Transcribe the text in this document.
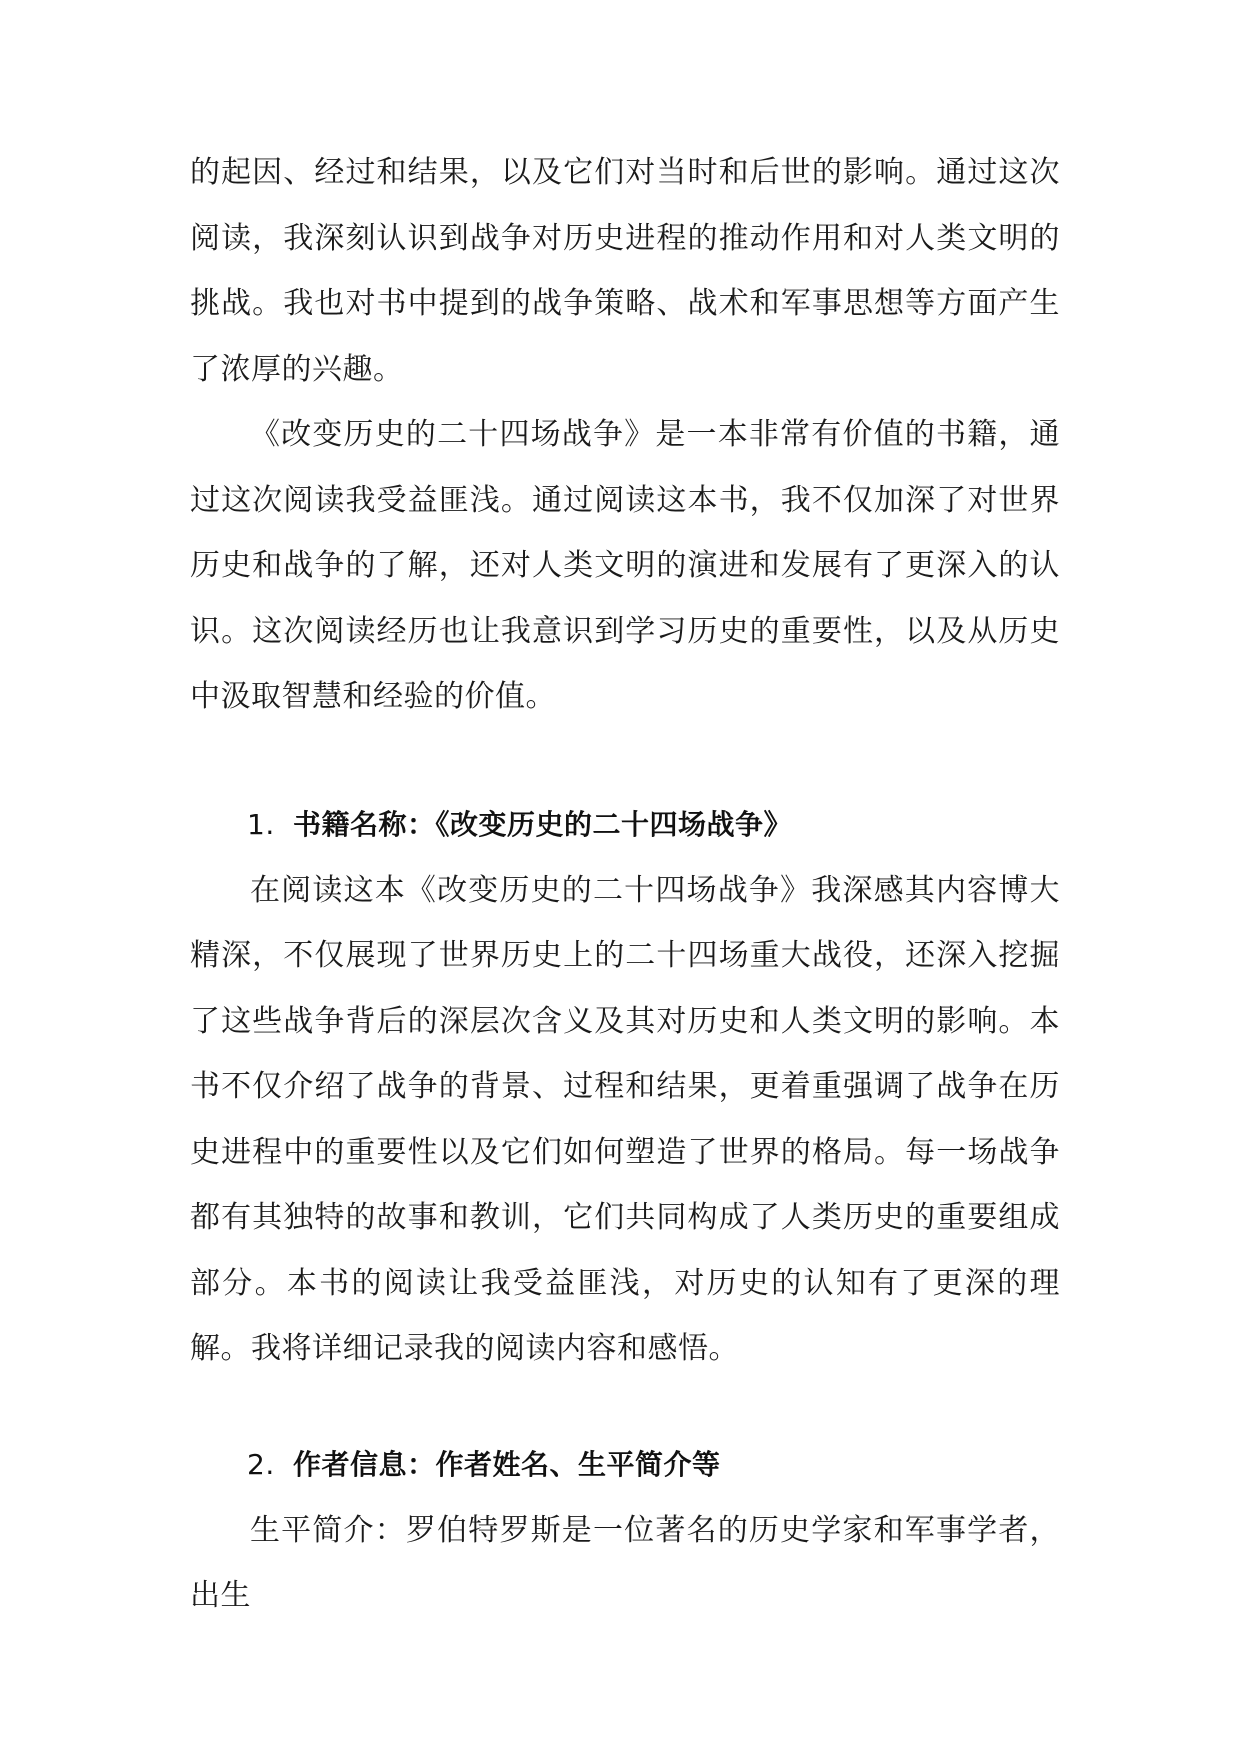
的起因、经过和结果，以及它们对当时和后世的影响。通过这次阅读，我深刻认识到战争对历史进程的推动作用和对人类文明的挑战。我也对书中提到的战争策略、战术和军事思想等方面产生了浓厚的兴趣。

《改变历史的二十四场战争》是一本非常有价值的书籍，通过这次阅读我受益匪浅。通过阅读这本书，我不仅加深了对世界历史和战争的了解，还对人类文明的演进和发展有了更深入的认识。这次阅读经历也让我意识到学习历史的重要性，以及从历史中汲取智慧和经验的价值。

1. 书籍名称：《改变历史的二十四场战争》

在阅读这本《改变历史的二十四场战争》我深感其内容博大精深，不仅展现了世界历史上的二十四场重大战役，还深入挖掘了这些战争背后的深层次含义及其对历史和人类文明的影响。本书不仅介绍了战争的背景、过程和结果，更着重强调了战争在历史进程中的重要性以及它们如何塑造了世界的格局。每一场战争都有其独特的故事和教训，它们共同构成了人类历史的重要组成部分。本书的阅读让我受益匪浅，对历史的认知有了更深的理解。我将详细记录我的阅读内容和感悟。

2. 作者信息：作者姓名、生平简介等

生平简介：罗伯特罗斯是一位著名的历史学家和军事学者，出生
